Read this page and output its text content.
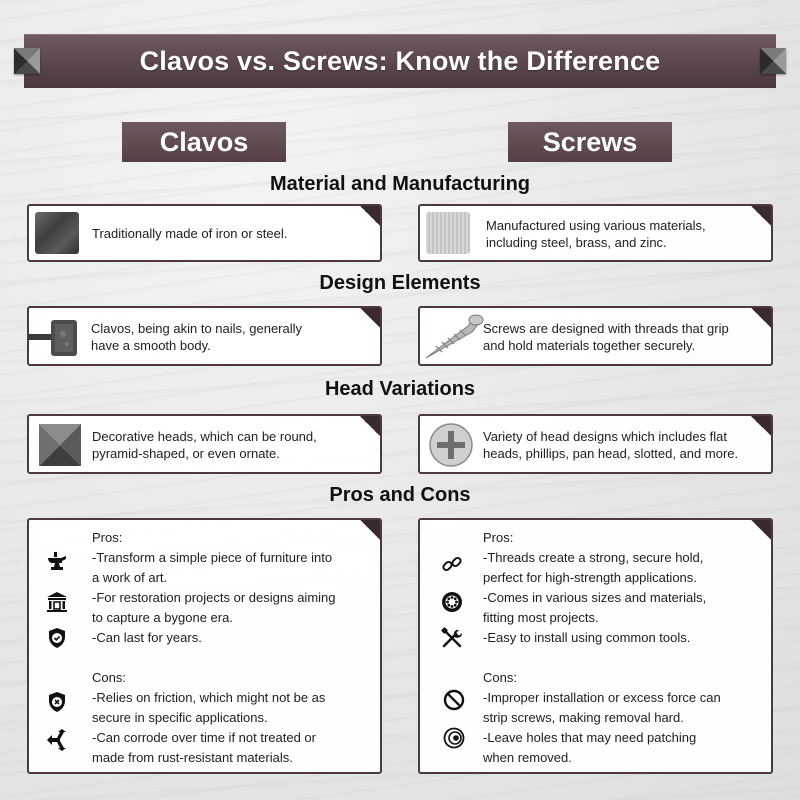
Clavos vs. Screws: Know the Difference
Clavos	Screws
Material and Manufacturing
Traditionally made of iron or steel.
Manufactured using various materials,
including steel, brass, and zinc.
Design Elements
Clavos, being akin to nails, generally
have a smooth body.
Screws are designed with threads that grip
and hold materials together securely.
Head Variations
Decorative heads, which can be round,
pyramid-shaped, or even ornate.
Variety of head designs which includes flat
heads, phillips, pan head, slotted, and more.
Pros and Cons
Pros:
-Transform a simple piece of furniture into
a work of art.
-For restoration projects or designs aiming
to capture a bygone era.
-Can last for years.
Cons:
-Relies on friction, which might not be as
secure in specific applications.
-Can corrode over time if not treated or
made from rust-resistant materials.
Pros:
-Threads create a strong, secure hold,
perfect for high-strength applications.
-Comes in various sizes and materials,
fitting most projects.
-Easy to install using common tools.
Cons:
-Improper installation or excess force can
strip screws, making removal hard.
-Leave holes that may need patching
when removed.
